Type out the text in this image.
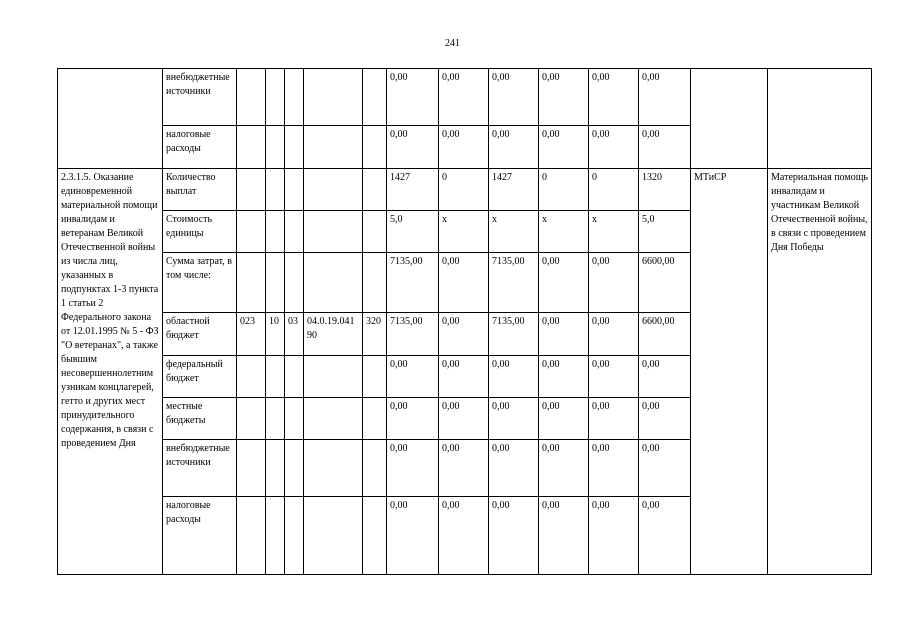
241
	внебюджетные источники						0,00	0,00	0,00	0,00	0,00	0,00		
	налоговые расходы						0,00	0,00	0,00	0,00	0,00	0,00		
2.3.1.5. Оказание единовременной материальной помощи инвалидам и ветеранам Великой Отечественной войны из числа лиц, указанных в подпунктах 1-3 пункта 1 статьи 2 Федерального закона от 12.01.1995 № 5 - ФЗ "О ветеранах", а также бывшим несовершеннолетним узникам концлагерей, гетто и других мест принудительного содержания, в связи с проведением Дня	Количество выплат						1427	0	1427	0	0	1320	МТиСР	Материальная помощь инвалидам и участникам Великой Отечественной войны, в связи с проведением Дня Победы
	Стоимость единицы						5,0	х	х	х	х	5,0		
	Сумма затрат, в том числе:						7135,00	0,00	7135,00	0,00	0,00	6600,00		
	областной бюджет	023	10	03	04.0.19.04190	320	7135,00	0,00	7135,00	0,00	0,00	6600,00		
	федеральный бюджет						0,00	0,00	0,00	0,00	0,00	0,00		
	местные бюджеты						0,00	0,00	0,00	0,00	0,00	0,00		
	внебюджетные источники						0,00	0,00	0,00	0,00	0,00	0,00		
	налоговые расходы						0,00	0,00	0,00	0,00	0,00	0,00		
